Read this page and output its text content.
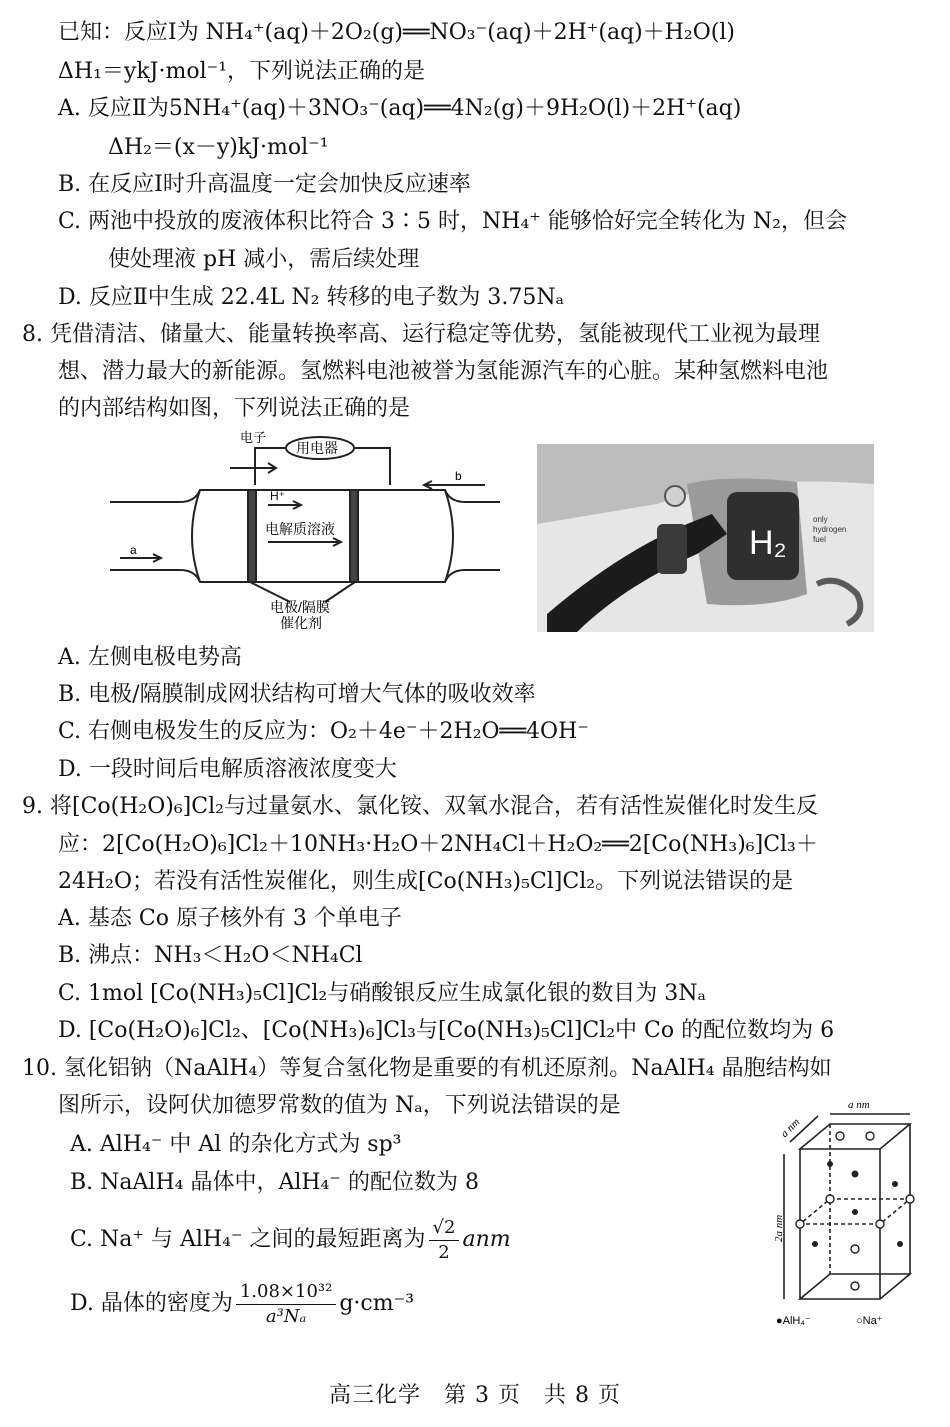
已知：反应Ⅰ为 NH₄⁺(aq)＋2O₂(g)══NO₃⁻(aq)＋2H⁺(aq)＋H₂O(l)
ΔH₁＝ykJ·mol⁻¹，下列说法正确的是
A. 反应Ⅱ为5NH₄⁺(aq)＋3NO₃⁻(aq)══4N₂(g)＋9H₂O(l)＋2H⁺(aq)
ΔH₂＝(x－y)kJ·mol⁻¹
B. 在反应Ⅰ时升高温度一定会加快反应速率
C. 两池中投放的废液体积比符合 3∶5 时，NH₄⁺ 能够恰好完全转化为 N₂，但会
使处理液 pH 减小，需后续处理
D. 反应Ⅱ中生成 22.4L N₂ 转移的电子数为 3.75Nₐ
8. 凭借清洁、储量大、能量转换率高、运行稳定等优势，氢能被现代工业视为最理
想、潜力最大的新能源。氢燃料电池被誉为氢能源汽车的心脏。某种氢燃料电池
的内部结构如图，下列说法正确的是
电子
用电器
H⁺
电解质溶液
a
b
电极/隔膜
催化剂
H₂
only
hydrogen
fuel
A. 左侧电极电势高
B. 电极/隔膜制成网状结构可增大气体的吸收效率
C. 右侧电极发生的反应为：O₂＋4e⁻＋2H₂O══4OH⁻
D. 一段时间后电解质溶液浓度变大
9. 将[Co(H₂O)₆]Cl₂与过量氨水、氯化铵、双氧水混合，若有活性炭催化时发生反
应：2[Co(H₂O)₆]Cl₂＋10NH₃·H₂O＋2NH₄Cl＋H₂O₂══2[Co(NH₃)₆]Cl₃＋
24H₂O；若没有活性炭催化，则生成[Co(NH₃)₅Cl]Cl₂。下列说法错误的是
A. 基态 Co 原子核外有 3 个单电子
B. 沸点：NH₃＜H₂O＜NH₄Cl
C. 1mol [Co(NH₃)₅Cl]Cl₂与硝酸银反应生成氯化银的数目为 3Nₐ
D. [Co(H₂O)₆]Cl₂、[Co(NH₃)₆]Cl₃与[Co(NH₃)₅Cl]Cl₂中 Co 的配位数均为 6
10. 氢化铝钠（NaAlH₄）等复合氢化物是重要的有机还原剂。NaAlH₄ 晶胞结构如
图所示，设阿伏加德罗常数的值为 Nₐ，下列说法错误的是
A. AlH₄⁻ 中 Al 的杂化方式为 sp³
B. NaAlH₄ 晶体中，AlH₄⁻ 的配位数为 8
C. Na⁺ 与 AlH₄⁻ 之间的最短距离为 $\frac{√2}{2}$ anm
D. 晶体的密度为 $\frac{\text{1.08×10³²}}{\text{a³Nₐ}} g\cdot cm^{-3}$
a nm
a nm
2a nm
●AlH₄⁻	○Na⁺
高三化学　第 3 页　共 8 页
